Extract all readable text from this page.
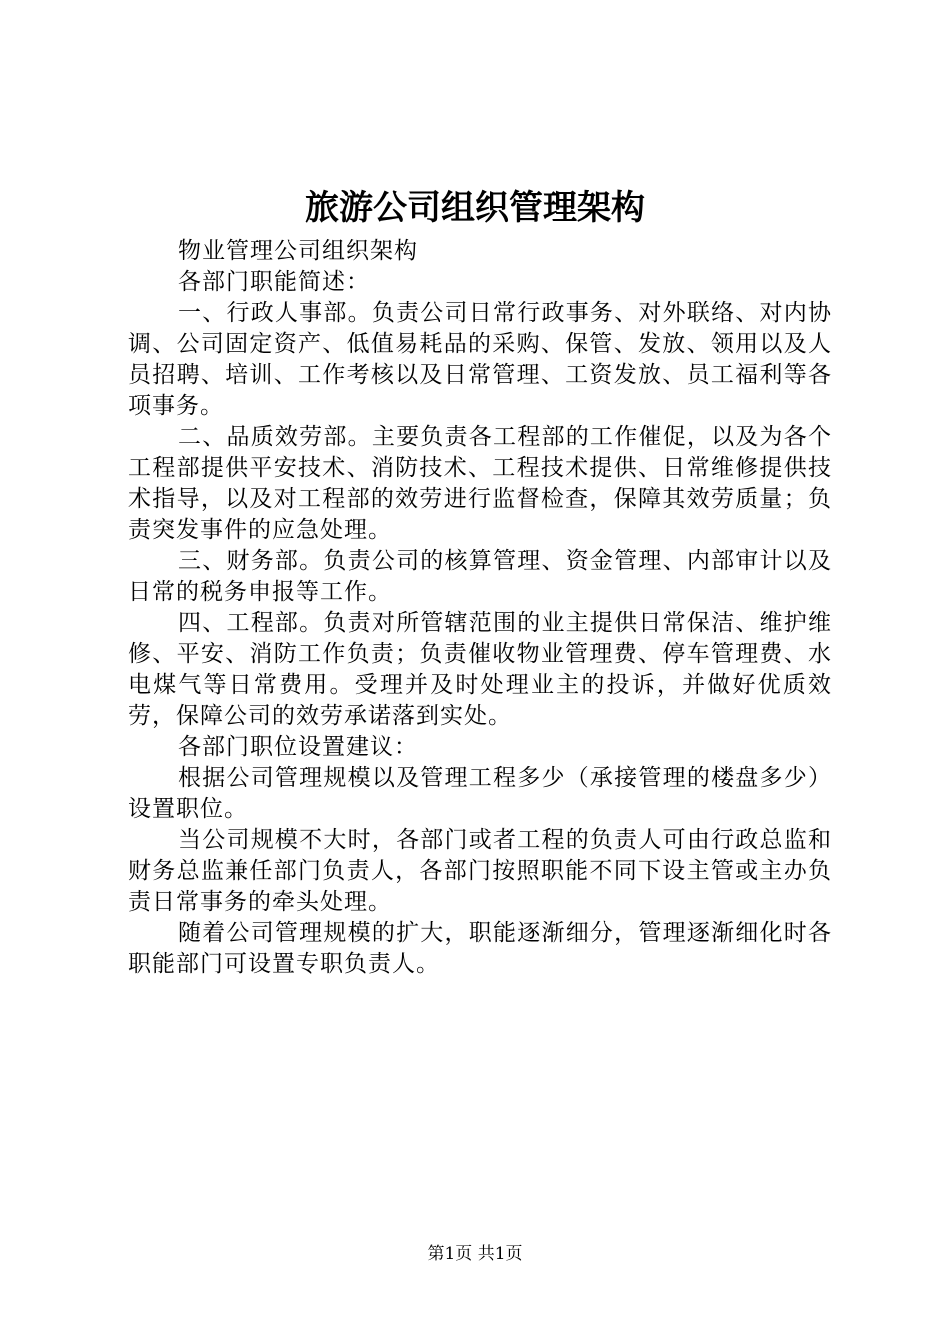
旅游公司组织管理架构

物业管理公司组织架构

各部门职能简述：

一、行政人事部。负责公司日常行政事务、对外联络、对内协调、公司固定资产、低值易耗品的采购、保管、发放、领用以及人员招聘、培训、工作考核以及日常管理、工资发放、员工福利等各项事务。

二、品质效劳部。主要负责各工程部的工作催促，以及为各个工程部提供平安技术、消防技术、工程技术提供、日常维修提供技术指导，以及对工程部的效劳进行监督检查，保障其效劳质量；负责突发事件的应急处理。

三、财务部。负责公司的核算管理、资金管理、内部审计以及日常的税务申报等工作。

四、工程部。负责对所管辖范围的业主提供日常保洁、维护维修、平安、消防工作负责；负责催收物业管理费、停车管理费、水电煤气等日常费用。受理并及时处理业主的投诉，并做好优质效劳，保障公司的效劳承诺落到实处。

各部门职位设置建议：

根据公司管理规模以及管理工程多少（承接管理的楼盘多少）设置职位。

当公司规模不大时，各部门或者工程的负责人可由行政总监和财务总监兼任部门负责人，各部门按照职能不同下设主管或主办负责日常事务的牵头处理。

随着公司管理规模的扩大，职能逐渐细分，管理逐渐细化时各职能部门可设置专职负责人。

第1页 共1页
